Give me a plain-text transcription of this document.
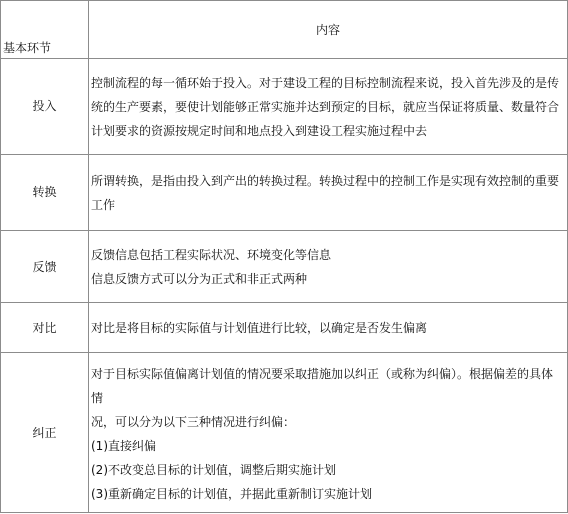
基本环节	内容
投入	控制流程的每一循环始于投入。对于建设工程的目标控制流程来说，投入首先涉及的是传

统的生产要素，要使计划能够正常实施并达到预定的目标，就应当保证将质量、数量符合

计划要求的资源按规定时间和地点投入到建设工程实施过程中去

转换	所谓转换，是指由投入到产出的转换过程。转换过程中的控制工作是实现有效控制的重要

工作

反馈	反馈信息包括工程实际状况、环境变化等信息

信息反馈方式可以分为正式和非正式两种

对比	对比是将目标的实际值与计划值进行比较，以确定是否发生偏离

纠正	对于目标实际值偏离计划值的情况要采取措施加以纠正（或称为纠偏）。根据偏差的具体情

况，可以分为以下三种情况进行纠偏：

(1)直接纠偏

(2)不改变总目标的计划值，调整后期实施计划

(3)重新确定目标的计划值，并据此重新制订实施计划
